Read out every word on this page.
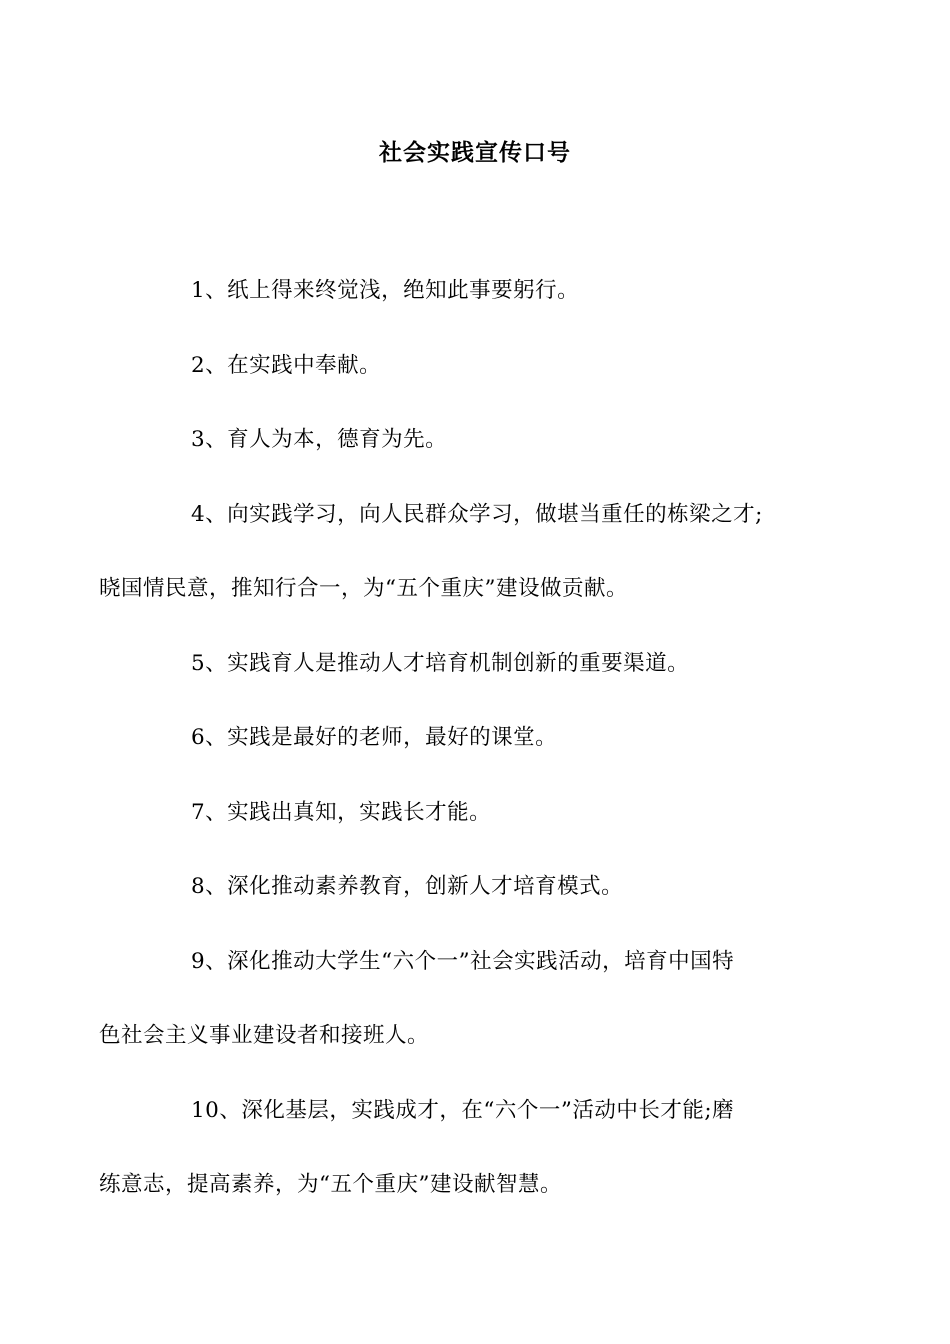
社会实践宣传口号

1、纸上得来终觉浅，绝知此事要躬行。

2、在实践中奉献。

3、育人为本，德育为先。

4、向实践学习，向人民群众学习，做堪当重任的栋梁之才;
晓国情民意，推知行合一，为“五个重庆”建设做贡献。

5、实践育人是推动人才培育机制创新的重要渠道。

6、实践是最好的老师，最好的课堂。

7、实践出真知，实践长才能。

8、深化推动素养教育，创新人才培育模式。

9、深化推动大学生“六个一”社会实践活动，培育中国特
色社会主义事业建设者和接班人。

10、深化基层，实践成才，在“六个一”活动中长才能;磨
练意志，提高素养，为“五个重庆”建设献智慧。
